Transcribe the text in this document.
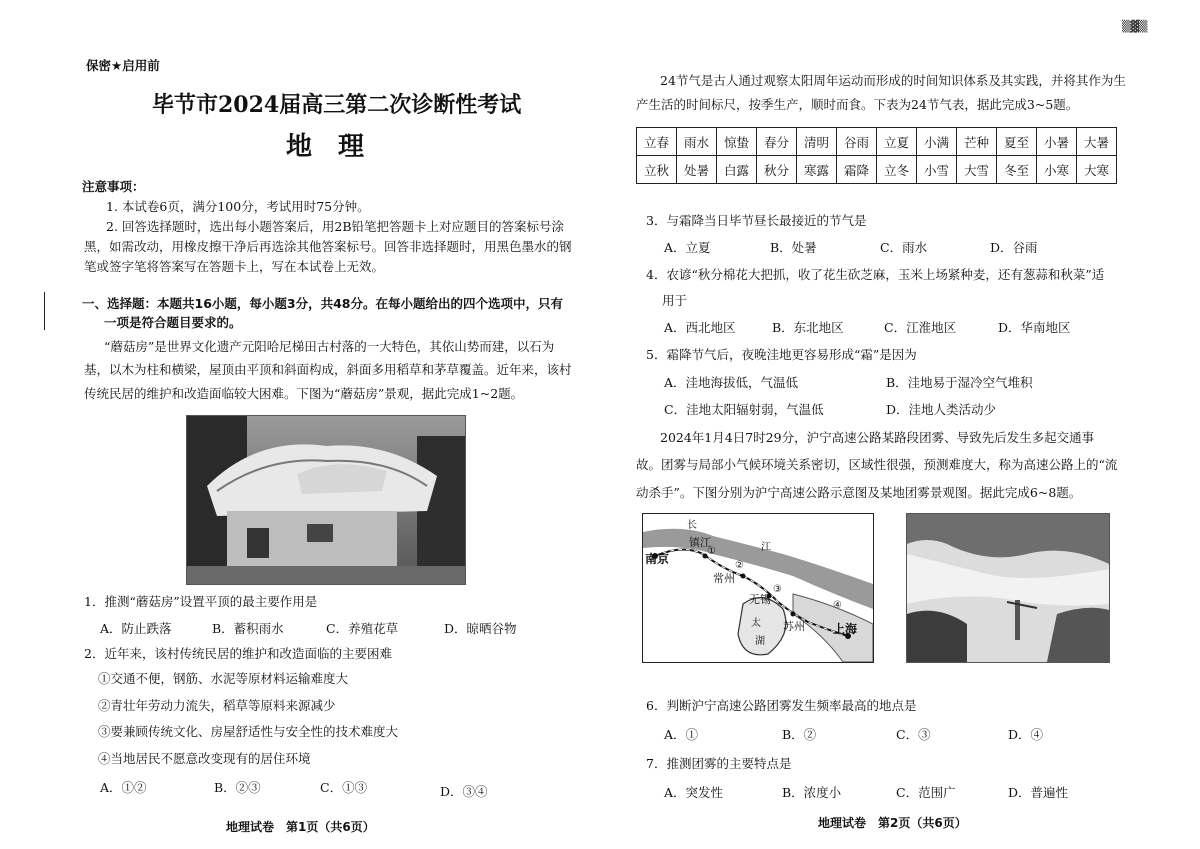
保密★启用前
毕节市2024届高三第二次诊断性考试
地　理
注意事项：
1. 本试卷6页，满分100分，考试用时75分钟。
2. 回答选择题时，选出每小题答案后，用2B铅笔把答题卡上对应题目的答案标号涂
黑，如需改动，用橡皮擦干净后再选涂其他答案标号。回答非选择题时，用黑色墨水的钢
笔或签字笔将答案写在答题卡上，写在本试卷上无效。
一、选择题：本题共16小题，每小题3分，共48分。在每小题给出的四个选项中，只有
一项是符合题目要求的。
“蘑菇房”是世界文化遗产元阳哈尼梯田古村落的一大特色，其依山势而建，以石为
基，以木为柱和横梁，屋顶由平顶和斜面构成，斜面多用稻草和茅草覆盖。近年来，该村
传统民居的维护和改造面临较大困难。下图为“蘑菇房”景观，据此完成1~2题。
1．推测“蘑菇房”设置平顶的最主要作用是
A．防止跌落	B．蓄积雨水	C．养殖花草	D．晾晒谷物
2．近年来，该村传统民居的维护和改造面临的主要困难
①交通不便，钢筋、水泥等原材料运输难度大
②青壮年劳动力流失，稻草等原料来源减少
③要兼顾传统文化、房屋舒适性与安全性的技术难度大
④当地居民不愿意改变现有的居住环境
A．①②	B．②③	C．①③	D．③④
地理试卷　第1页（共6页）
▒▓▒
24节气是古人通过观察太阳周年运动而形成的时间知识体系及其实践，并将其作为生
产生活的时间标尺，按季生产，顺时而食。下表为24节气表，据此完成3~5题。
立春	雨水	惊蛰	春分	清明	谷雨	立夏	小满	芒种	夏至	小暑	大暑
立秋	处暑	白露	秋分	寒露	霜降	立冬	小雪	大雪	冬至	小寒	大寒
3．与霜降当日毕节昼长最接近的节气是
A．立夏	B．处暑	C．雨水	D．谷雨
4．农谚“秋分棉花大把抓，收了花生砍芝麻，玉米上场紧种麦，还有葱蒜和秋菜”适
用于
A．西北地区	B．东北地区	C．江淮地区	D．华南地区
5．霜降节气后，夜晚洼地更容易形成“霜”是因为
A．洼地海拔低，气温低	B．洼地易于湿冷空气堆积
C．洼地太阳辐射弱，气温低	D．洼地人类活动少
2024年1月4日7时29分，沪宁高速公路某路段团雾、导致先后发生多起交通事
故。团雾与局部小气候环境关系密切，区域性很强，预测难度大，称为高速公路上的“流
动杀手”。下图分别为沪宁高速公路示意图及某地团雾景观图。据此完成6~8题。
南京
镇江
常州
无锡
苏州 上海
太
湖
长
江
①
②
③
④
6．判断沪宁高速公路团雾发生频率最高的地点是
A．①	B．②	C．③	D．④
7．推测团雾的主要特点是
A．突发性	B．浓度小	C．范围广	D．普遍性
地理试卷　第2页（共6页）
